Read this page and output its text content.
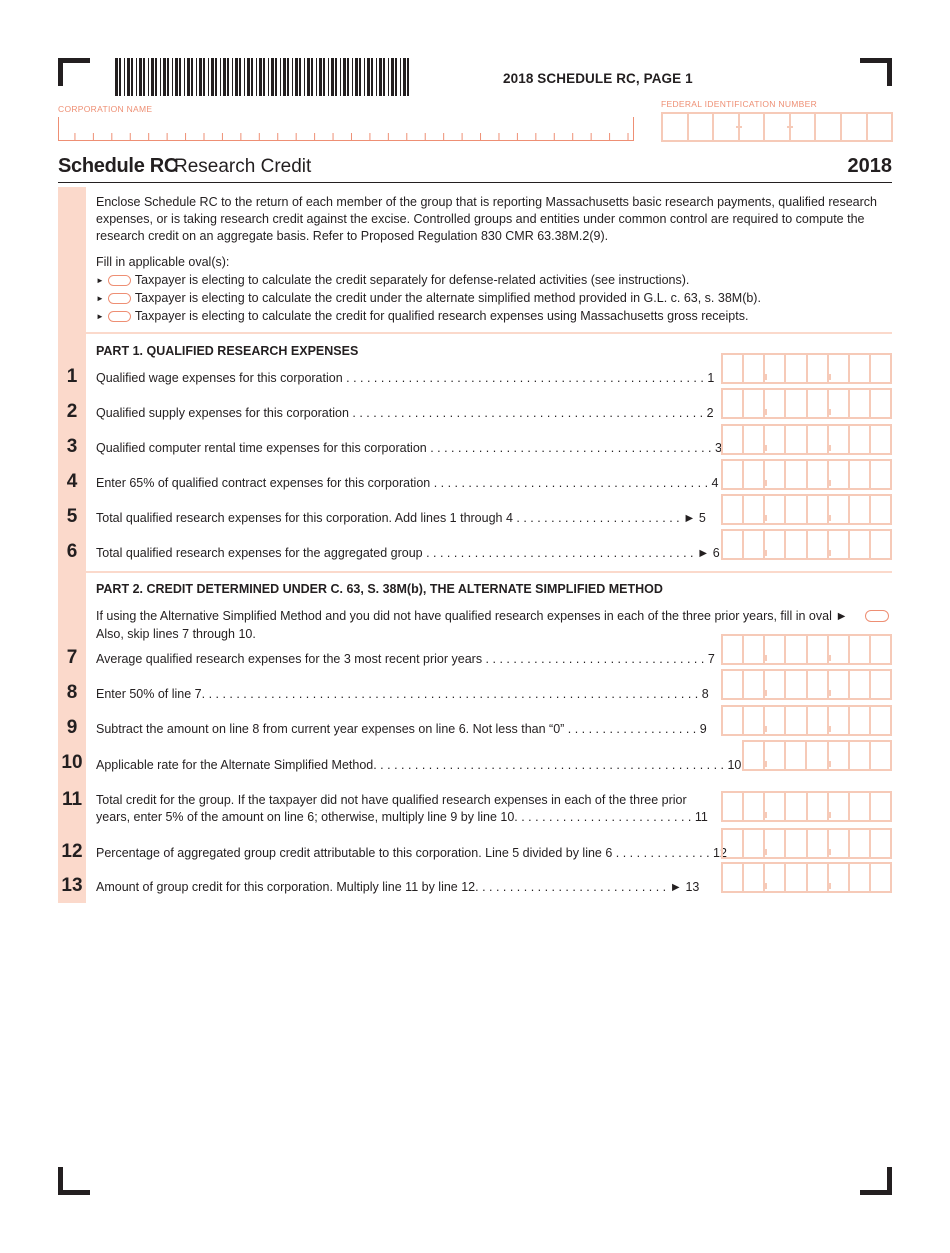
2018 SCHEDULE RC, PAGE 1
CORPORATION NAME	FEDERAL IDENTIFICATION NUMBER
Schedule RC
Research Credit	2018
Enclose Schedule RC to the return of each member of the group that is reporting Massachusetts basic research payments, qualified research expenses, or is taking research credit against the excise. Controlled groups and entities under common control are required to compute the research credit on an aggregate basis. Refer to Proposed Regulation 830 CMR 63.38M.2(9).
Fill in applicable oval(s):
► Taxpayer is electing to calculate the credit separately for defense-related activities (see instructions).
► Taxpayer is electing to calculate the credit under the alternate simplified method provided in G.L. c. 63, s. 38M(b).
► Taxpayer is electing to calculate the credit for qualified research expenses using Massachusetts gross receipts.
PART 1. QUALIFIED RESEARCH EXPENSES
1	Qualified wage expenses for this corporation . . . . . . . . . . . . . . . . . . . . . . . . . . . . . . . . . . . . . . . . . . . . . . . . . . . . 1
2	Qualified supply expenses for this corporation . . . . . . . . . . . . . . . . . . . . . . . . . . . . . . . . . . . . . . . . . . . . . . . . . . . 2
3	Qualified computer rental time expenses for this corporation . . . . . . . . . . . . . . . . . . . . . . . . . . . . . . . . . . . . . . . . . 3
4	Enter 65% of qualified contract expenses for this corporation . . . . . . . . . . . . . . . . . . . . . . . . . . . . . . . . . . . . . . . . 4
5	Total qualified research expenses for this corporation. Add lines 1 through 4 . . . . . . . . . . . . . . . . . . . . . . . . ► 5
6	Total qualified research expenses for the aggregated group . . . . . . . . . . . . . . . . . . . . . . . . . . . . . . . . . . . . . . . ► 6
PART 2. CREDIT DETERMINED UNDER C. 63, S. 38M(b), THE ALTERNATE SIMPLIFIED METHOD
If using the Alternative Simplified Method and you did not have qualified research expenses in each of the three prior years, fill in oval ►
Also, skip lines 7 through 10.
7	Average qualified research expenses for the 3 most recent prior years . . . . . . . . . . . . . . . . . . . . . . . . . . . . . . . . 7
8	Enter 50% of line 7. . . . . . . . . . . . . . . . . . . . . . . . . . . . . . . . . . . . . . . . . . . . . . . . . . . . . . . . . . . . . . . . . . . . . . . . 8
9	Subtract the amount on line 8 from current year expenses on line 6. Not less than “0” . . . . . . . . . . . . . . . . . . . 9
10 Applicable rate for the Alternate Simplified Method. . . . . . . . . . . . . . . . . . . . . . . . . . . . . . . . . . . . . . . . . . . . . . . . . . . 10
11	Total credit for the group. If the taxpayer did not have qualified research expenses in each of the three prior
years, enter 5% of the amount on line 6; otherwise, multiply line 9 by line 10. . . . . . . . . . . . . . . . . . . . . . . . . . 11
12 Percentage of aggregated group credit attributable to this corporation. Line 5 divided by line 6 . . . . . . . . . . . . . . 12
13 Amount of group credit for this corporation. Multiply line 11 by line 12. . . . . . . . . . . . . . . . . . . . . . . . . . . . ► 13
